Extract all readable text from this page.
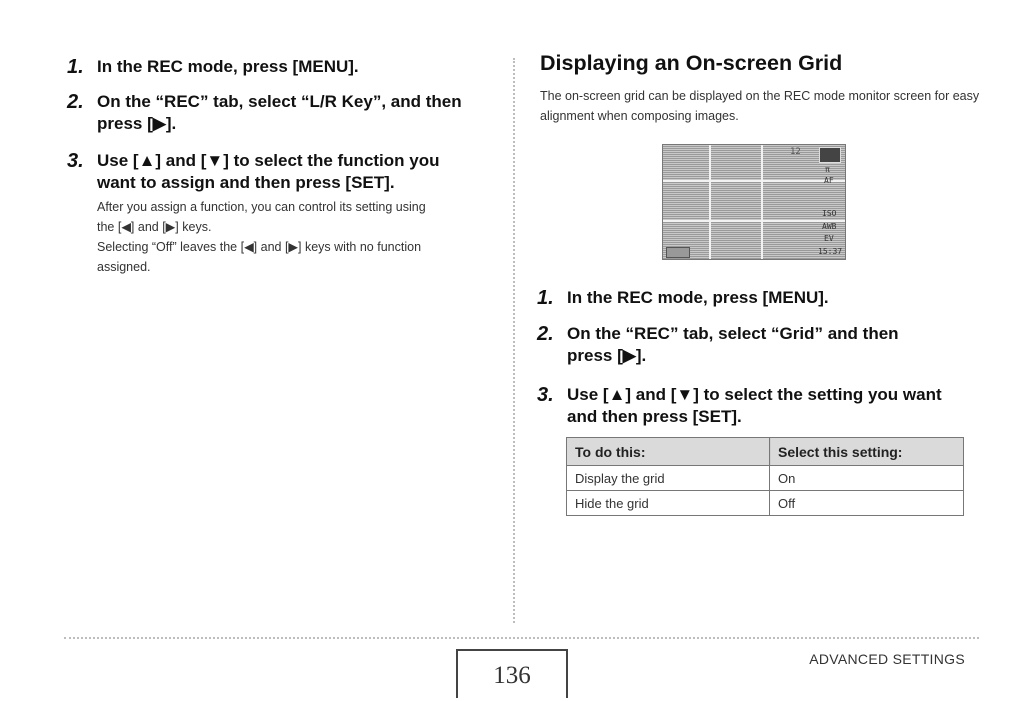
1. In the REC mode, press [MENU].
2. On the “REC” tab, select “L/R Key”, and then
press [▶].
3. Use [▲] and [▼] to select the function you
want to assign and then press [SET].
After you assign a function, you can control its setting using
the [◀] and [▶] keys.
Selecting “Off” leaves the [◀] and [▶] keys with no function
assigned.
Displaying an On-screen Grid
The on-screen grid can be displayed on the REC mode monitor screen for easy alignment when composing images.
12
π
AF
ISO
AWB
EV
15:37
1. In the REC mode, press [MENU].
2. On the “REC” tab, select “Grid” and then
press [▶].
3. Use [▲] and [▼] to select the setting you want
and then press [SET].
To do this:	Select this setting:
Display the grid	On
Hide the grid	Off
136
ADVANCED SETTINGS
